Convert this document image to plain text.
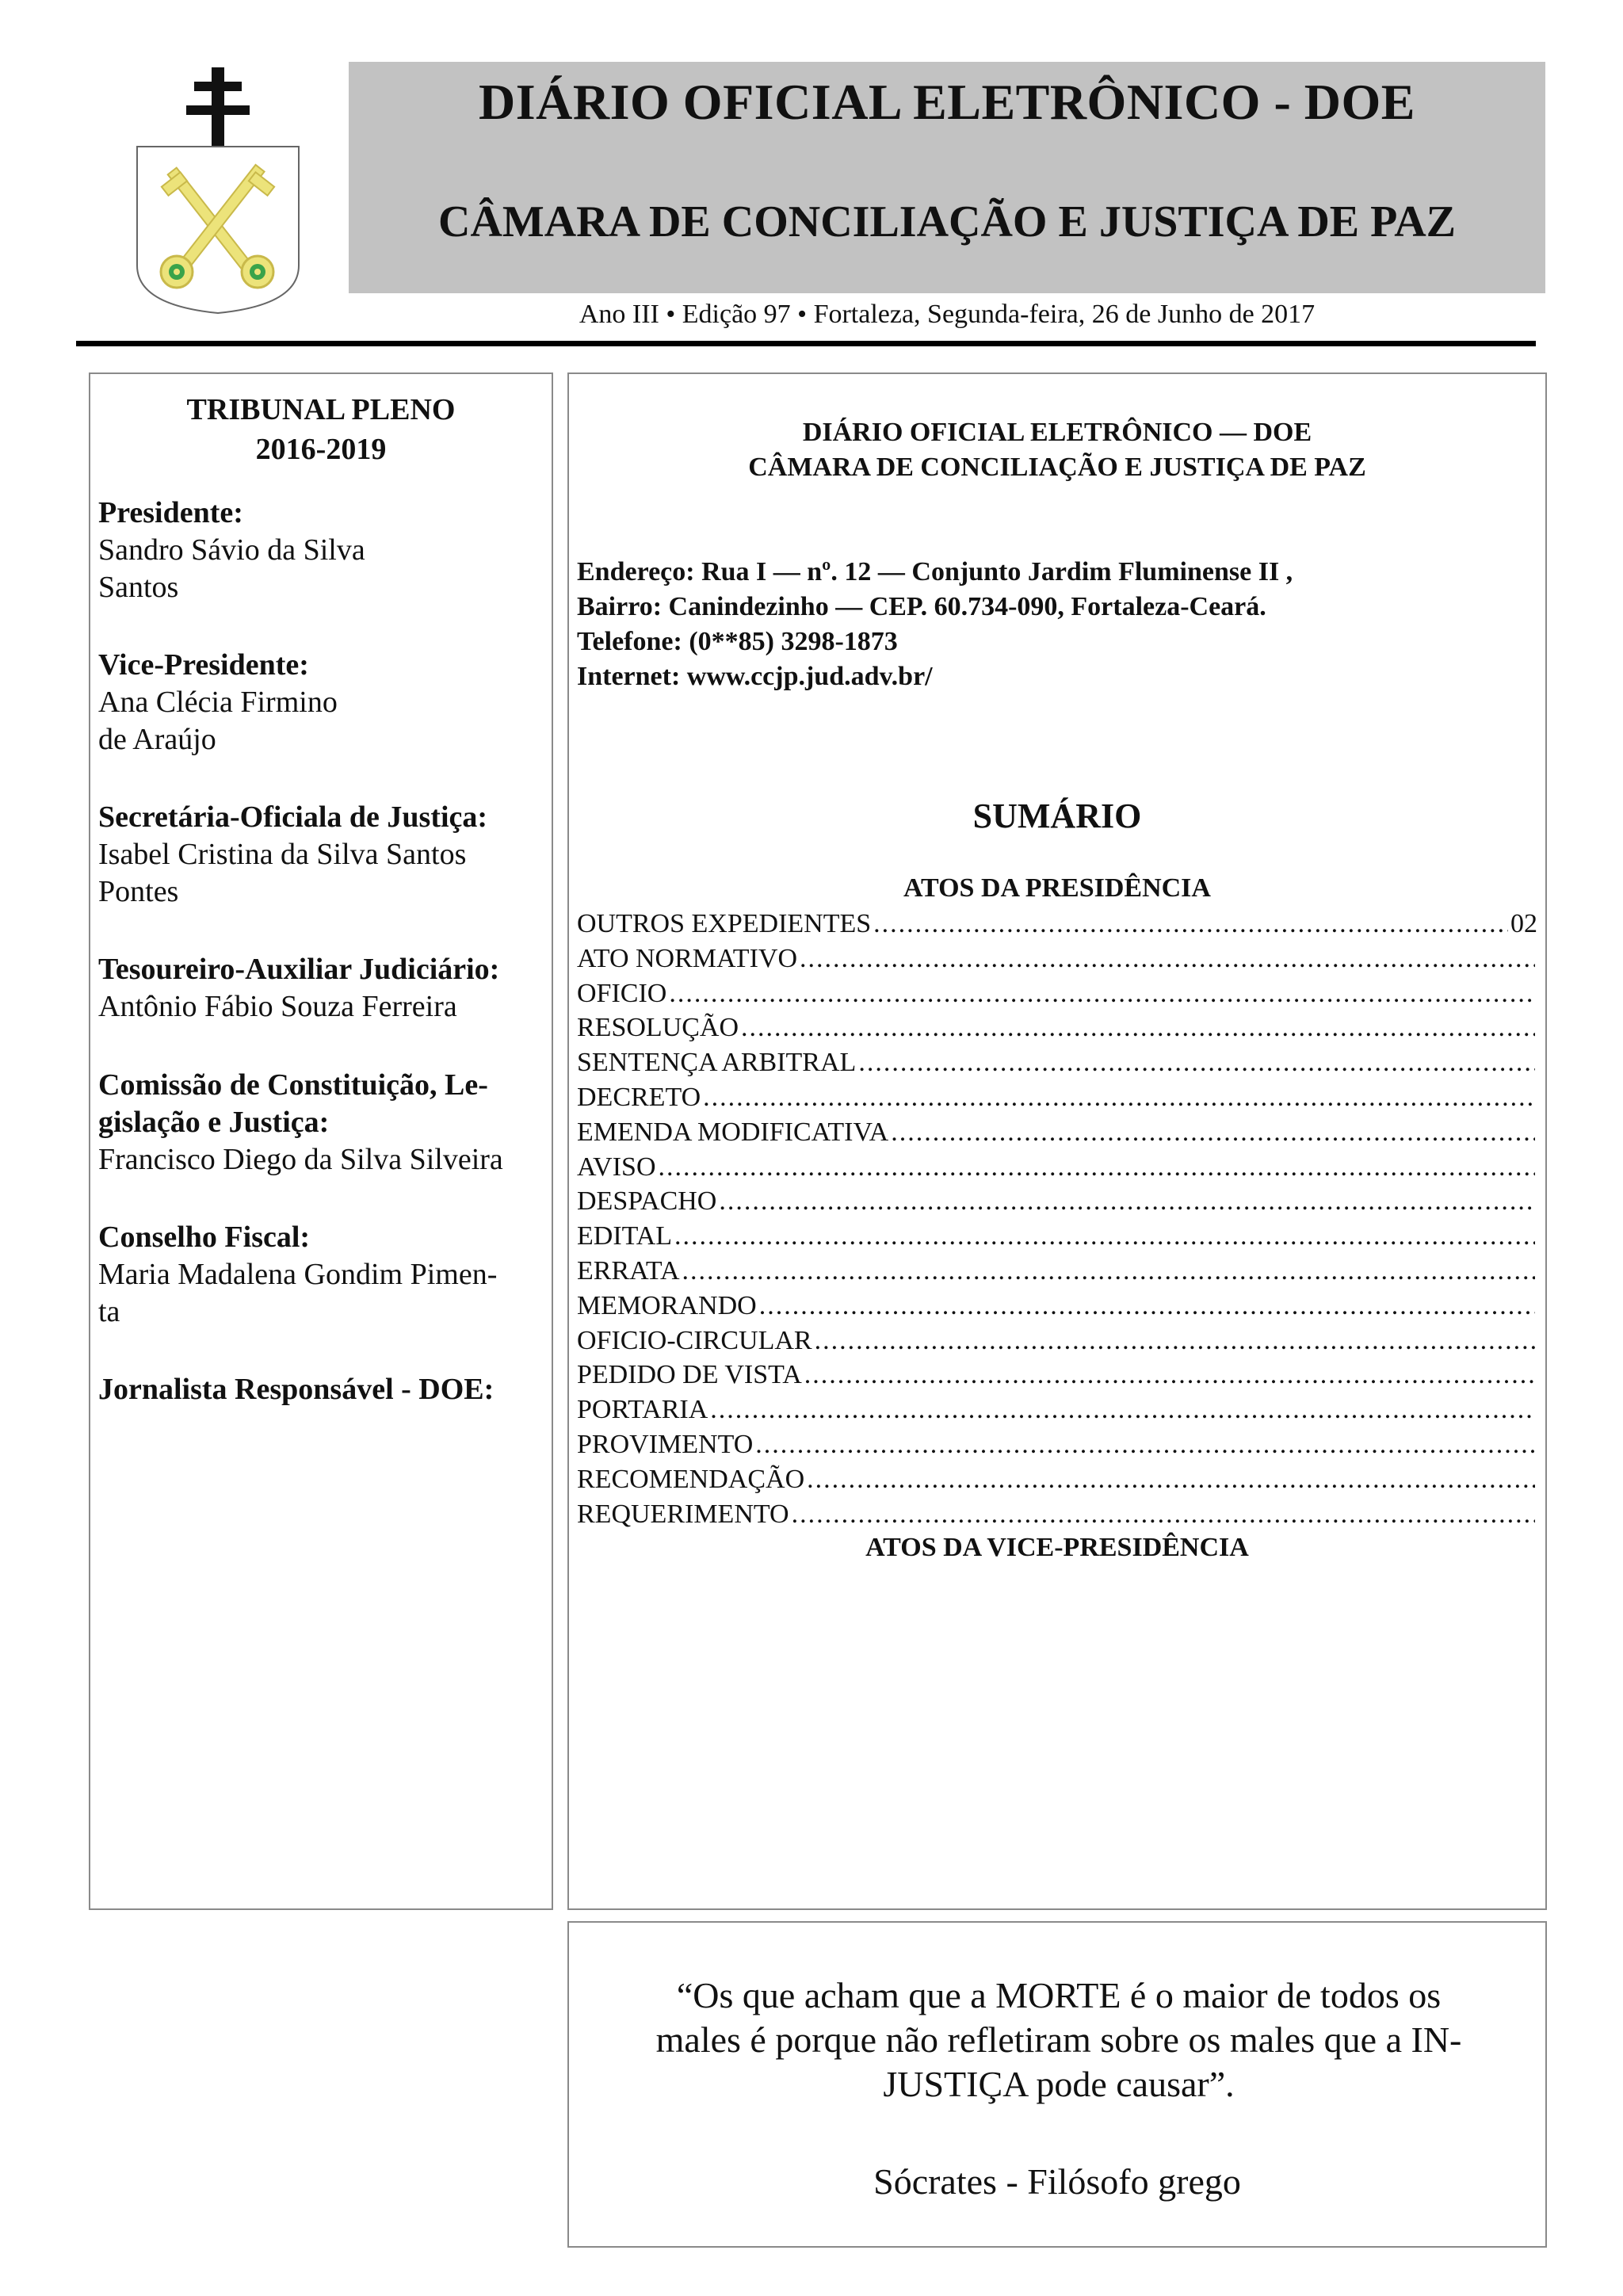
DIÁRIO OFICIAL ELETRÔNICO - DOE
CÂMARA DE CONCILIAÇÃO E JUSTIÇA DE PAZ
Ano III • Edição 97 • Fortaleza, Segunda-feira, 26 de Junho de 2017
TRIBUNAL PLENO
2016-2019
Presidente:
Sandro Sávio da Silva
Santos
Vice-Presidente:
Ana Clécia Firmino
de Araújo
Secretária-Oficiala de Justiça:
Isabel Cristina da Silva Santos
Pontes
Tesoureiro-Auxiliar Judiciário:
Antônio Fábio Souza Ferreira
Comissão de Constituição, Le-
gislação e Justiça:
Francisco Diego da Silva Silveira
Conselho Fiscal:
Maria Madalena Gondim Pimen-
ta
Jornalista Responsável - DOE:
DIÁRIO OFICIAL ELETRÔNICO — DOE
CÂMARA DE CONCILIAÇÃO E JUSTIÇA DE PAZ
Endereço: Rua I — nº. 12 — Conjunto Jardim Fluminense II ,
Bairro: Canindezinho — CEP. 60.734-090, Fortaleza-Ceará.
Telefone: (0**85) 3298-1873
Internet: www.ccjp.jud.adv.br/
SUMÁRIO
ATOS DA PRESIDÊNCIA
OUTROS EXPEDIENTES
.....	02
ATO NORMATIVO
.....
OFICIO
.....
RESOLUÇÃO
.....
SENTENÇA ARBITRAL
.....
DECRETO
.....
EMENDA MODIFICATIVA
.....
AVISO
.....
DESPACHO
.....
EDITAL
.....
ERRATA
.....
MEMORANDO
.....
OFICIO-CIRCULAR
.....
PEDIDO DE VISTA
.....
PORTARIA
.....
PROVIMENTO
.....
RECOMENDAÇÃO
.....
REQUERIMENTO
.....
ATOS DA VICE-PRESIDÊNCIA
“Os que acham que a MORTE é o maior de todos os
males é porque não refletiram sobre os males que a IN-
JUSTIÇA pode causar”.
Sócrates - Filósofo grego
